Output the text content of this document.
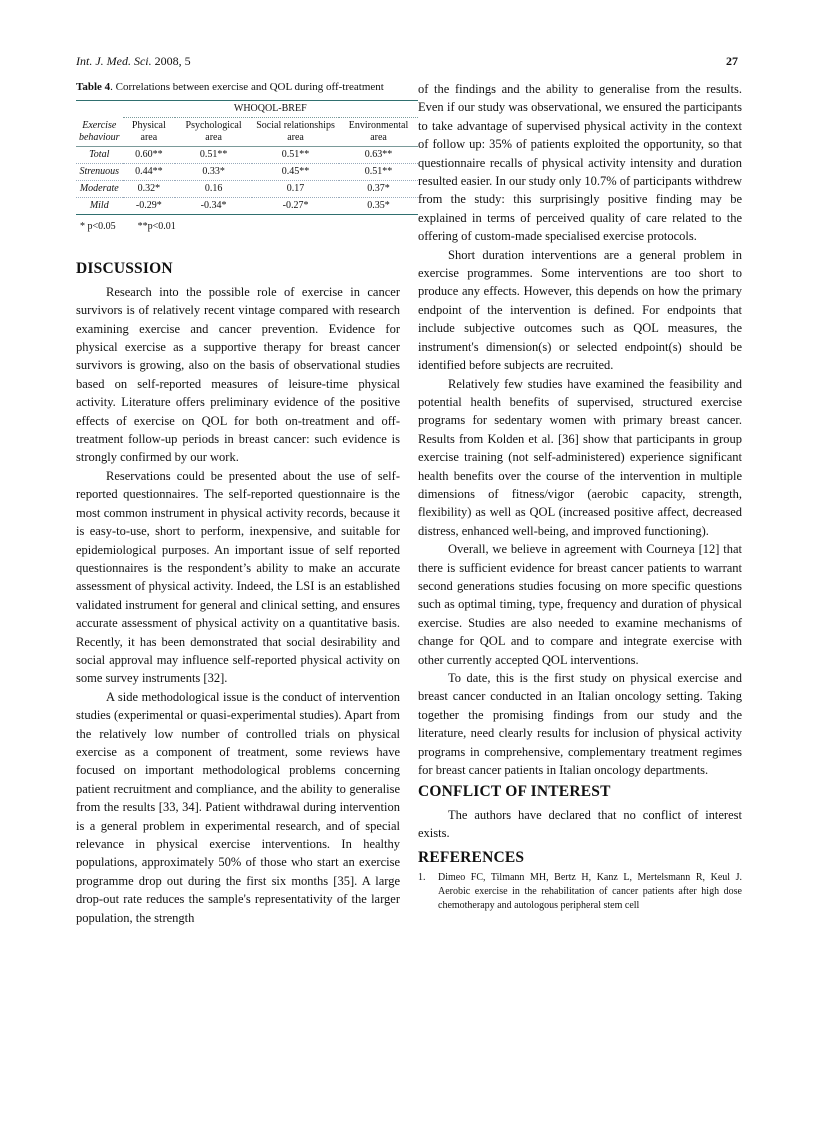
Int. J. Med. Sci. 2008, 5	27
Table 4. Correlations between exercise and QOL during off-treatment
	WHOQOL-BREF			
Exercise behaviour	Physical area	Psychological area	Social relationships area	Environmental area
Total	0.60**	0.51**	0.51**	0.63**
Strenuous	0.44**	0.33*	0.45**	0.51**
Moderate	0.32*	0.16	0.17	0.37*
Mild	-0.29*	-0.34*	-0.27*	0.35*
* p<0.05 **p<0.01
DISCUSSION

Research into the possible role of exercise in cancer survivors is of relatively recent vintage compared with research examining exercise and cancer prevention. Evidence for physical exercise as a supportive therapy for breast cancer survivors is growing, also on the basis of observational studies based on self-reported measures of leisure-time physical activity. Literature offers preliminary evidence of the positive effects of exercise on QOL for both on-treatment and off-treatment follow-up periods in breast cancer: such evidence is strongly confirmed by our work.

Reservations could be presented about the use of self-reported questionnaires. The self-reported questionnaire is the most common instrument in physical activity records, because it is easy-to-use, short to perform, inexpensive, and suitable for epidemiological purposes. An important issue of self reported questionnaires is the respondent’s ability to make an accurate assessment of physical activity. Indeed, the LSI is an established validated instrument for general and clinical setting, and ensures accurate assessment of physical activity on a quantitative basis. Recently, it has been demonstrated that social desirability and social approval may influence self-reported physical activity on some survey instruments [32].

A side methodological issue is the conduct of intervention studies (experimental or quasi-experimental studies). Apart from the relatively low number of controlled trials on physical exercise as a component of treatment, some reviews have focused on important methodological problems concerning patient recruitment and compliance, and the ability to generalise from the results [33, 34]. Patient withdrawal during intervention is a general problem in experimental research, and of special relevance in physical exercise interventions. In healthy populations, approximately 50% of those who start an exercise programme drop out during the first six months [35]. A large drop-out rate reduces the sample's representativity of the larger population, the strength

of the findings and the ability to generalise from the results. Even if our study was observational, we ensured the participants to take advantage of supervised physical activity in the context of follow up: 35% of patients exploited the opportunity, so that questionnaire recalls of physical activity intensity and duration resulted easier. In our study only 10.7% of participants withdrew from the study: this surprisingly positive finding may be explained in terms of perceived quality of care related to the offering of custom-made specialised exercise protocols.

Short duration interventions are a general problem in exercise programmes. Some interventions are too short to produce any effects. However, this depends on how the primary endpoint of the intervention is defined. For endpoints that include subjective outcomes such as QOL measures, the instrument's dimension(s) or selected endpoint(s) should be identified before subjects are recruited.

Relatively few studies have examined the feasibility and potential health benefits of supervised, structured exercise programs for sedentary women with primary breast cancer. Results from Kolden et al. [36] show that participants in group exercise training (not self-administered) experience significant health benefits over the course of the intervention in multiple dimensions of fitness/vigor (aerobic capacity, strength, flexibility) as well as QOL (increased positive affect, decreased distress, enhanced well-being, and improved functioning).

Overall, we believe in agreement with Courneya [12] that there is sufficient evidence for breast cancer patients to warrant second generations studies focusing on more specific questions such as optimal timing, type, frequency and duration of physical exercise. Studies are also needed to examine mechanisms of change for QOL and to compare and integrate exercise with other currently accepted QOL interventions.

To date, this is the first study on physical exercise and breast cancer conducted in an Italian oncology setting. Taking together the promising findings from our study and the literature, need clearly results for inclusion of physical activity programs in comprehensive, complementary treatment regimes for breast cancer patients in Italian oncology departments.

CONFLICT OF INTEREST

The authors have declared that no conflict of interest exists.

REFERENCES
1.	Dimeo FC, Tilmann MH, Bertz H, Kanz L, Mertelsmann R, Keul J. Aerobic exercise in the rehabilitation of cancer patients after high dose chemotherapy and autologous peripheral stem cell
